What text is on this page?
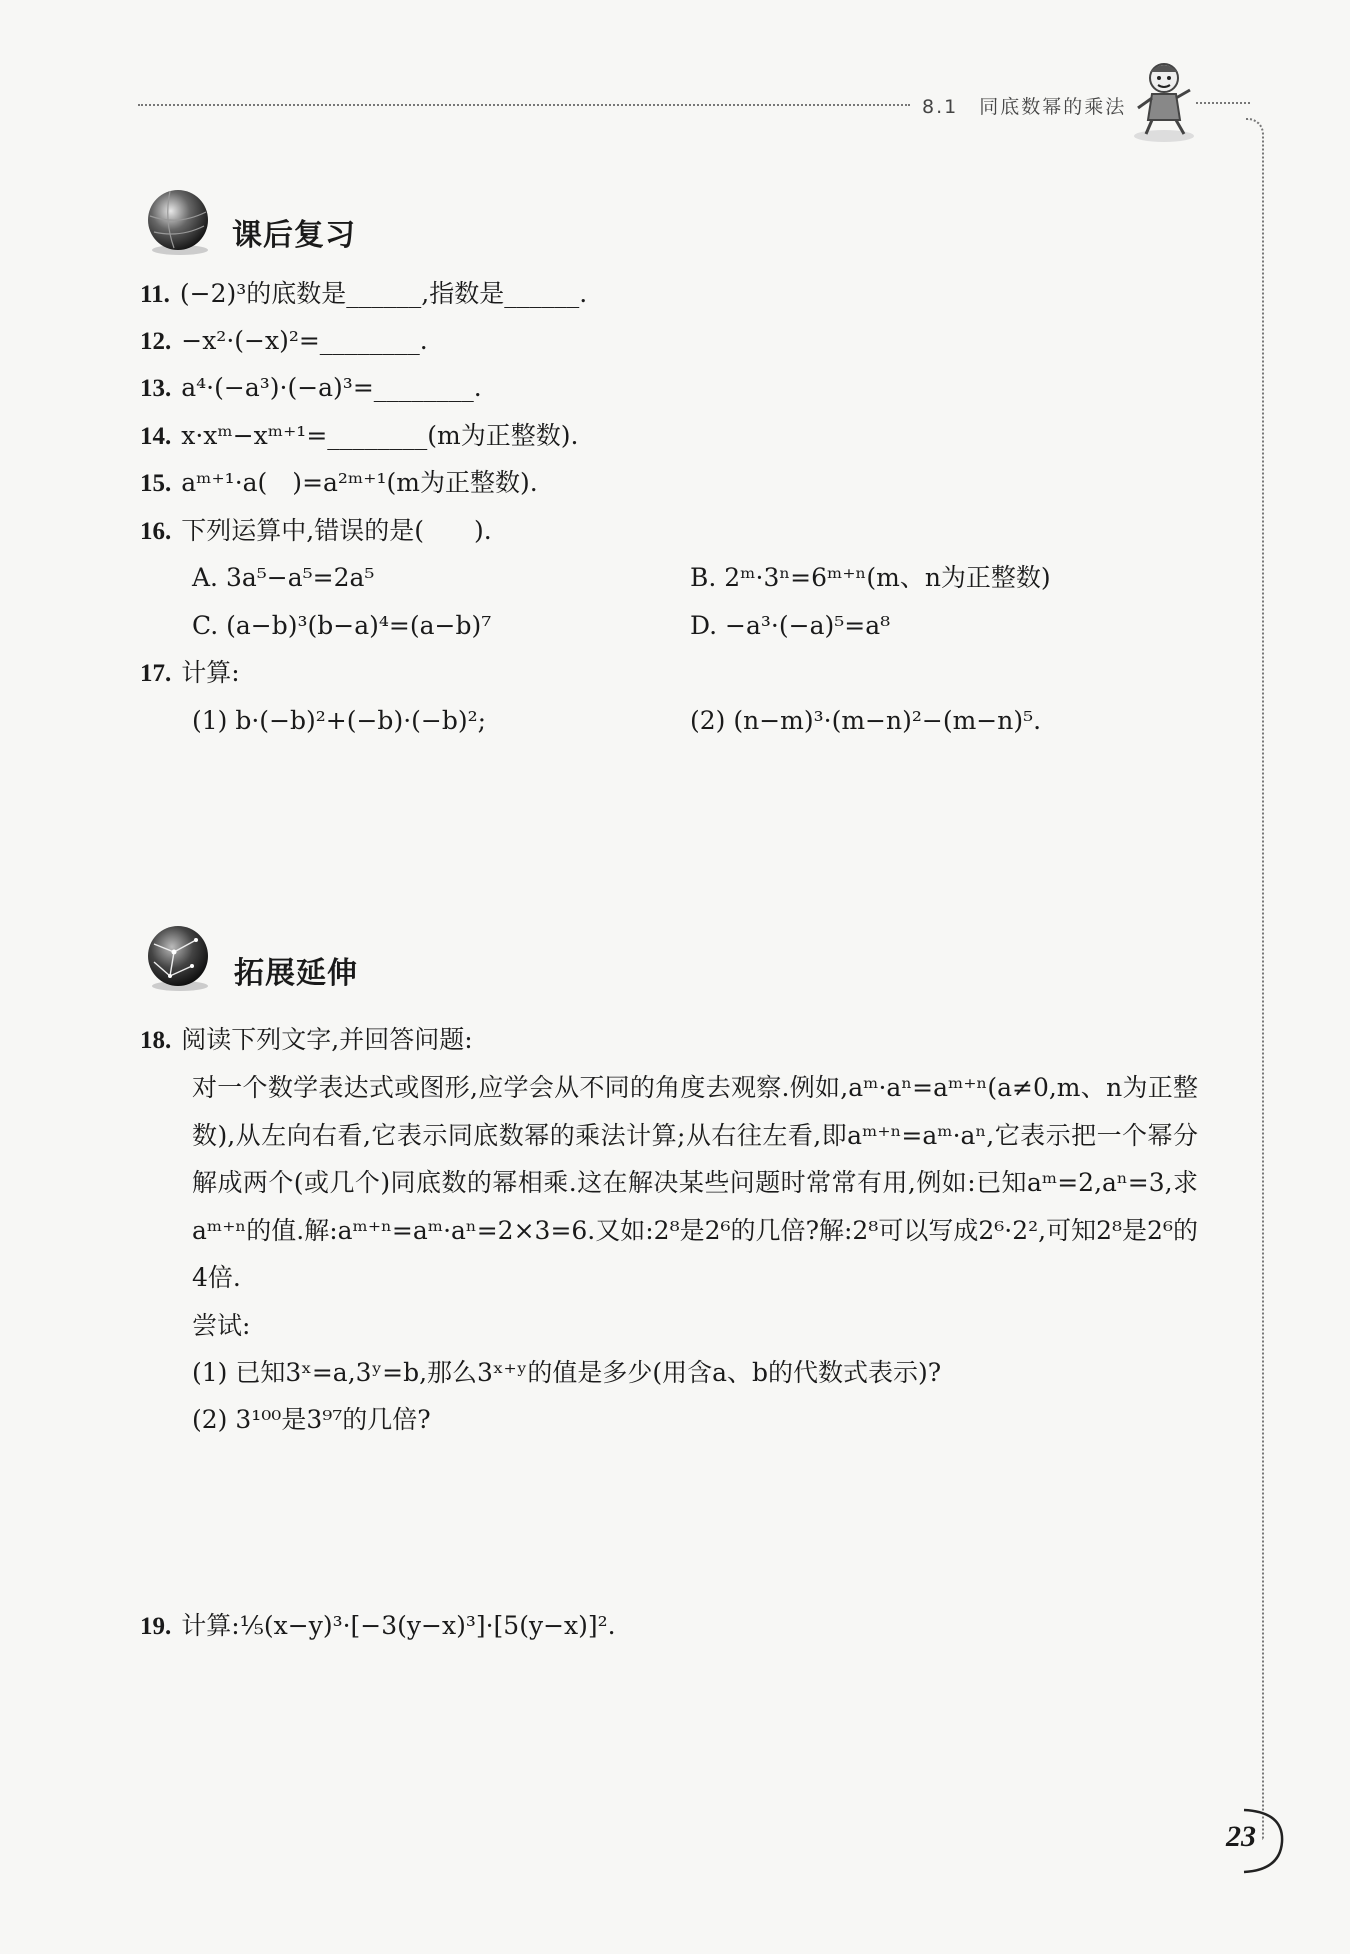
8.1　同底数幂的乘法
课后复习
11. (−2)³的底数是______,指数是______.
12. −x²·(−x)²=________.
13. a⁴·(−a³)·(−a)³=________.
14. x·xᵐ−xᵐ⁺¹=________(m为正整数).
15. aᵐ⁺¹·a(　)=a²ᵐ⁺¹(m为正整数).
16. 下列运算中,错误的是(　　).
A. 3a⁵−a⁵=2a⁵	B. 2ᵐ·3ⁿ=6ᵐ⁺ⁿ(m、n为正整数)
C. (a−b)³(b−a)⁴=(a−b)⁷	D. −a³·(−a)⁵=a⁸
17. 计算:
(1) b·(−b)²+(−b)·(−b)²;	(2) (n−m)³·(m−n)²−(m−n)⁵.
拓展延伸
18. 阅读下列文字,并回答问题:
对一个数学表达式或图形,应学会从不同的角度去观察.例如,aᵐ·aⁿ=aᵐ⁺ⁿ(a≠0,m、n为正整数),从左向右看,它表示同底数幂的乘法计算;从右往左看,即aᵐ⁺ⁿ=aᵐ·aⁿ,它表示把一个幂分解成两个(或几个)同底数的幂相乘.这在解决某些问题时常常有用,例如:已知aᵐ=2,aⁿ=3,求aᵐ⁺ⁿ的值.解:aᵐ⁺ⁿ=aᵐ·aⁿ=2×3=6.又如:2⁸是2⁶的几倍?解:2⁸可以写成2⁶·2²,可知2⁸是2⁶的4倍.
尝试:
(1) 已知3ˣ=a,3ʸ=b,那么3ˣ⁺ʸ的值是多少(用含a、b的代数式表示)?
(2) 3¹⁰⁰是3⁹⁷的几倍?
19. 计算:⅕(x−y)³·[−3(y−x)³]·[5(y−x)]².
23
